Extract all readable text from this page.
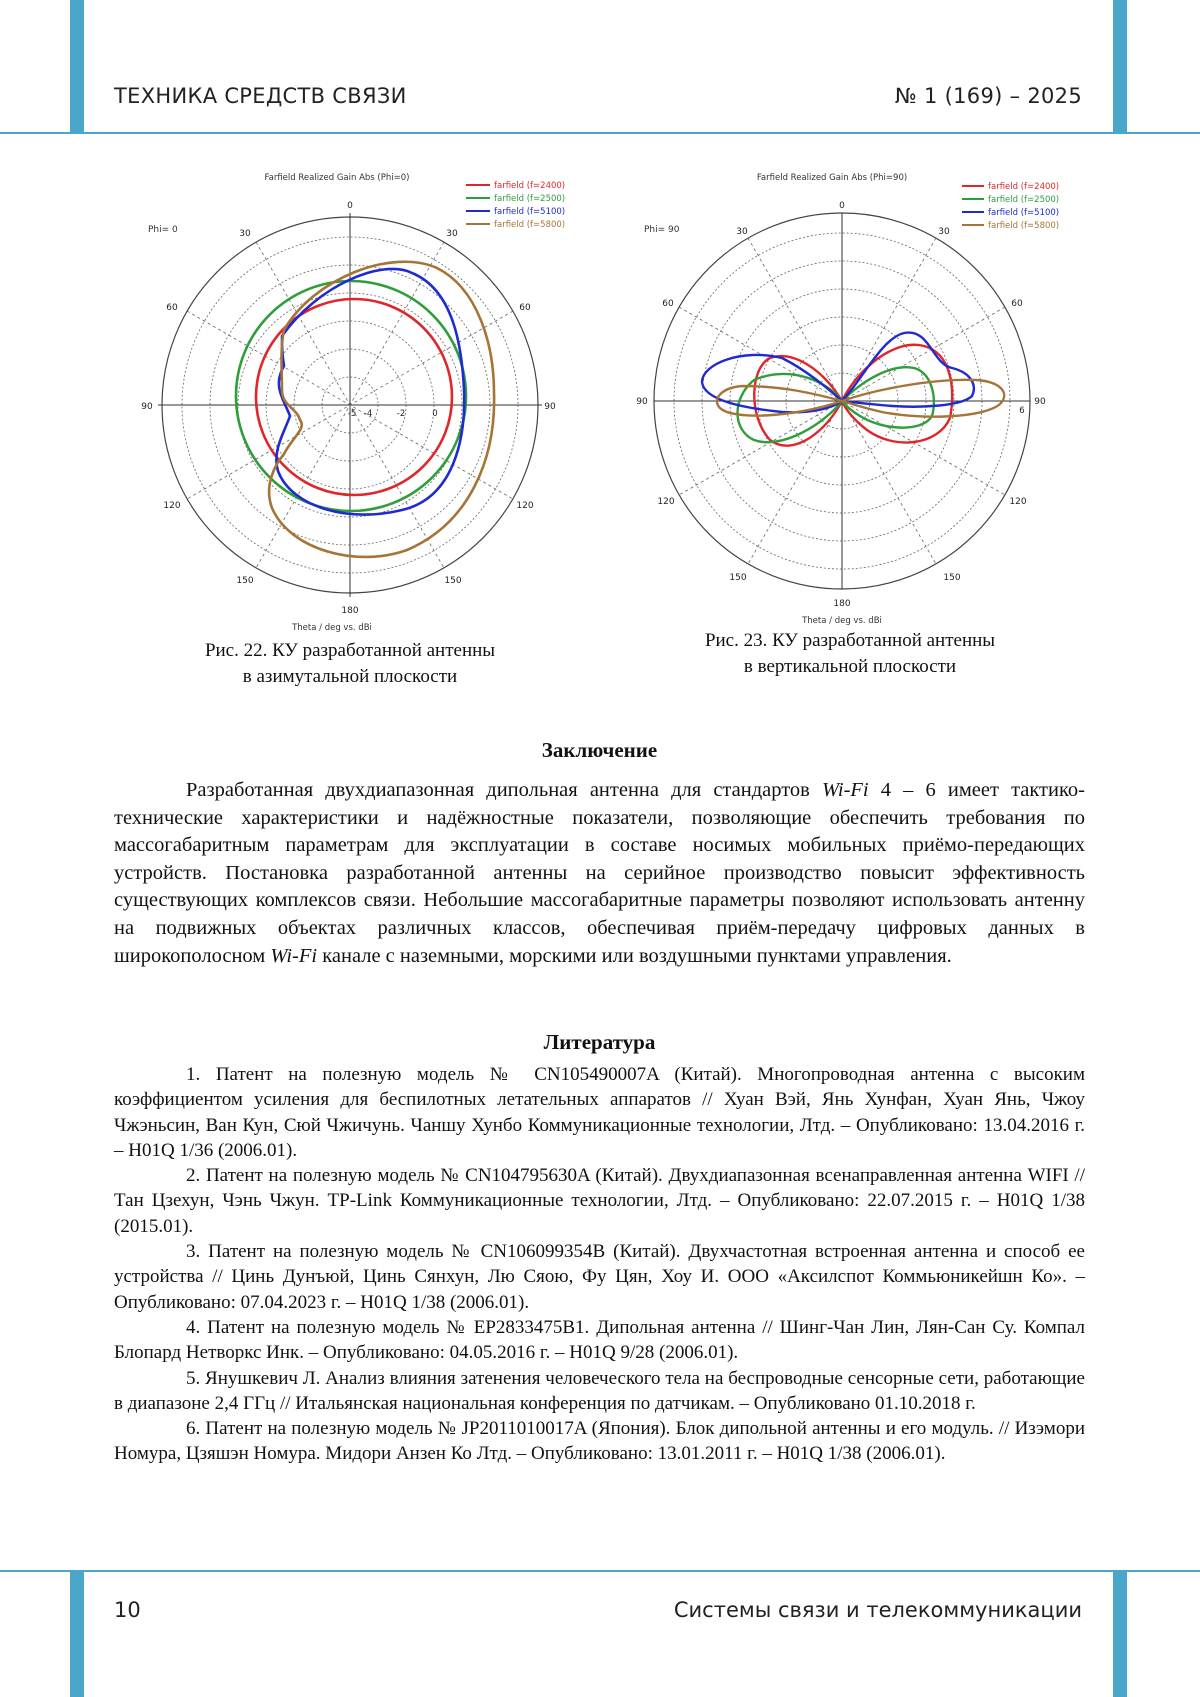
ТЕХНИКА СРЕДСТВ СВЯЗИ	№ 1 (169) – 2025
Farfield Realized Gain Abs (Phi=0)
Phi= 0
farfield (f=2400)
farfield (f=2500)
farfield (f=5100)
farfield (f=5800)
0
30
60
90
120
150
180
150
120
90
60
30
-5 -4	-2	0
Theta / deg vs. dBi
Farfield Realized Gain Abs (Phi=90)
Phi= 90
farfield (f=2400)
farfield (f=2500)
farfield (f=5100)
farfield (f=5800)
0
30
60
90
120
150
180
150
120
90
60
30
6
Theta / deg vs. dBi
Рис. 22. КУ разработанной антенны
в азимутальной плоскости
Рис. 23. КУ разработанной антенны
в вертикальной плоскости
Заключение

Разработанная двухдиапазонная дипольная антенна для стандартов Wi-Fi 4 – 6 имеет тактико-технические характеристики и надёжностные показатели, позволяющие обеспечить требования по массогабаритным параметрам для эксплуатации в составе носимых мобильных приёмо-передающих устройств. Постановка разработанной антенны на серийное производство повысит эффективность существующих комплексов связи. Небольшие массогабаритные параметры позволяют использовать антенну на подвижных объектах различных классов, обеспечивая приём-передачу цифровых данных в широкополосном Wi-Fi канале с наземными, морскими или воздушными пунктами управления.

Литература

1. Патент на полезную модель № CN105490007A (Китай). Многопроводная антенна с высоким коэффициентом усиления для беспилотных летательных аппаратов // Хуан Вэй, Янь Хунфан, Хуан Янь, Чжоу Чжэньсин, Ван Кун, Сюй Чжичунь. Чаншу Хунбо Коммуникационные технологии, Лтд. – Опубликовано: 13.04.2016 г. – H01Q 1/36 (2006.01).

2. Патент на полезную модель № CN104795630A (Китай). Двухдиапазонная всенаправленная антенна WIFI // Тан Цзехун, Чэнь Чжун. TP-Link Коммуникационные технологии, Лтд. – Опубликовано: 22.07.2015 г. – H01Q 1/38 (2015.01).

3. Патент на полезную модель № CN106099354B (Китай). Двухчастотная встроенная антенна и способ ее устройства // Цинь Дунъюй, Цинь Сянхун, Лю Сяою, Фу Цян, Хоу И. ООО «Аксилспот Коммьюникейшн Ко». – Опубликовано: 07.04.2023 г. – H01Q 1/38 (2006.01).

4. Патент на полезную модель № EP2833475B1. Дипольная антенна // Шинг-Чан Лин, Лян-Сан Су. Компал Блопард Нетворкс Инк. – Опубликовано: 04.05.2016 г. – H01Q 9/28 (2006.01).

5. Янушкевич Л. Анализ влияния затенения человеческого тела на беспроводные сенсорные сети, работающие в диапазоне 2,4 ГГц // Итальянская национальная конференция по датчикам. – Опубликовано 01.10.2018 г.

6. Патент на полезную модель № JP2011010017A (Япония). Блок дипольной антенны и его модуль. // Изэмори Номура, Цзяшэн Номура. Мидори Анзен Ко Лтд. – Опубликовано: 13.01.2011 г. – H01Q 1/38 (2006.01).

10	Системы связи и телекоммуникации
